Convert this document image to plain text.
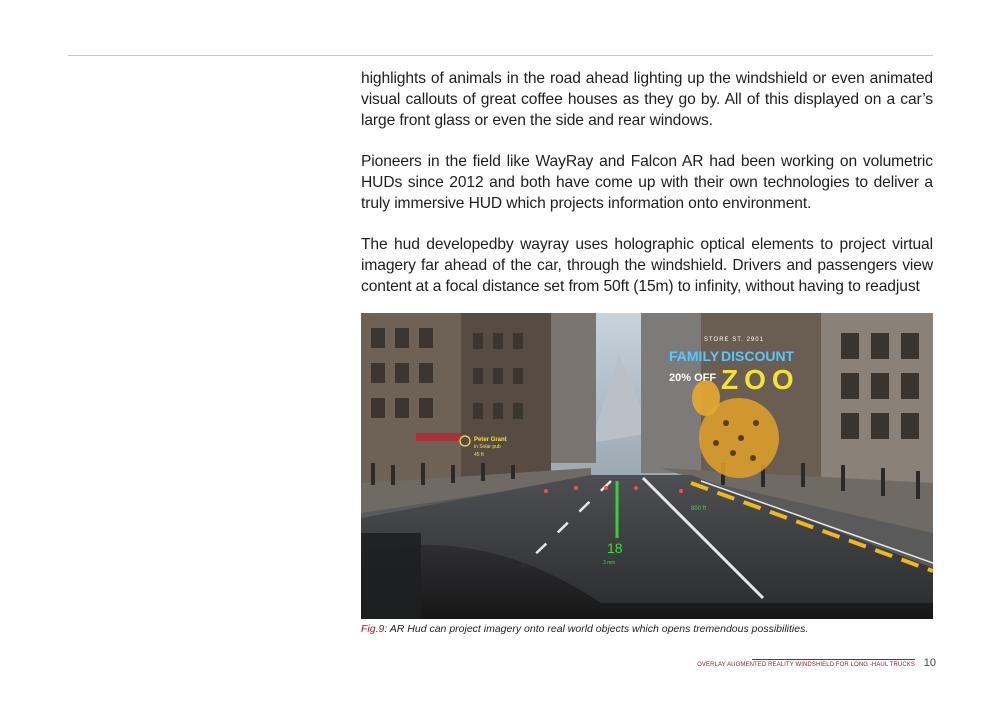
highlights of animals in the road ahead lighting up the windshield or even animated visual callouts of great coffee houses as they go by. All of this displayed on a car’s large front glass or even the side and rear windows.

Pioneers in the field like WayRay and Falcon AR had been working on volumetric HUDs since 2012 and both have come up with their own technologies to deliver a truly immersive HUD which projects information onto environment.

The hud developedby wayray uses holographic optical elements to project virtual imagery far ahead of the car, through the windshield. Drivers and passengers view content at a focal distance set from 50ft (15m) to infinity, without having to readjust

STORE ST. 2901
FAMILY DISCOUNT
20% OFF ZOO
Peter Grant
in Solar pub
45 ft
800 ft
18
3 min
Fig.9: AR Hud can project imagery onto real world objects which opens tremendous possibilities.
OVERLAY AUGMENTED REALITY WINDSHIELD FOR LONG -HAUL TRUCKS 10
